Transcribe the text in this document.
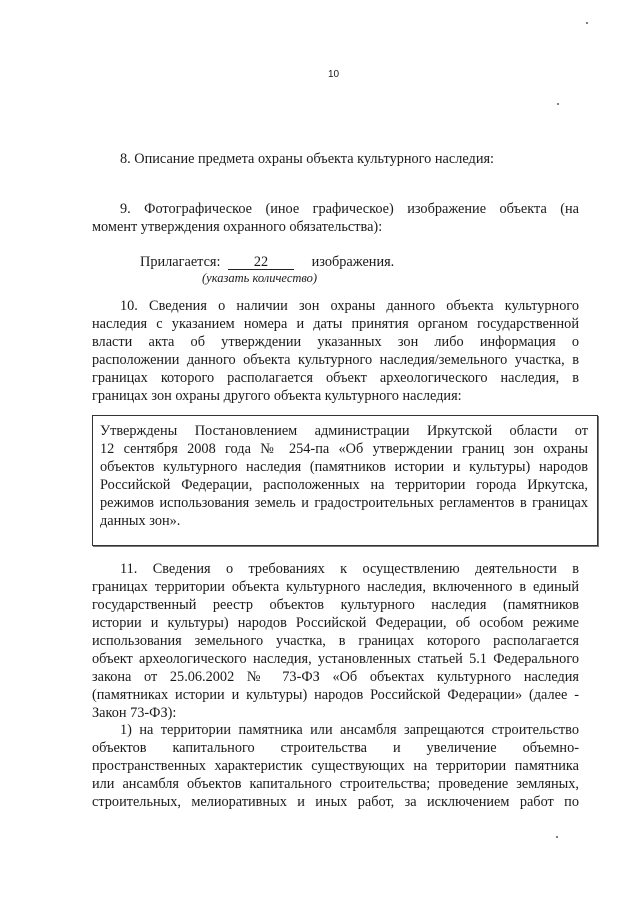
10
8. Описание предмета охраны объекта культурного наследия:
9. Фотографическое (иное графическое) изображение объекта (на
момент утверждения охранного обязательства):
Прилагается: 22	изображения.
(указать количество)
10. Сведения о наличии зон охраны данного объекта культурного
наследия с указанием номера и даты принятия органом государственной
власти акта об утверждении указанных зон либо информация о
расположении данного объекта культурного наследия/земельного участка, в
границах которого располагается объект археологического наследия, в
границах зон охраны другого объекта культурного наследия:
Утверждены Постановлением администрации Иркутской области от
12 сентября 2008 года № 254-па «Об утверждении границ зон охраны
объектов культурного наследия (памятников истории и культуры) народов
Российской Федерации, расположенных на территории города Иркутска,
режимов использования земель и градостроительных регламентов в границах
данных зон».
11. Сведения о требованиях к осуществлению деятельности в
границах территории объекта культурного наследия, включенного в единый
государственный реестр объектов культурного наследия (памятников
истории и культуры) народов Российской Федерации, об особом режиме
использования земельного участка, в границах которого располагается
объект археологического наследия, установленных статьей 5.1 Федерального
закона от 25.06.2002 № 73-ФЗ «Об объектах культурного наследия
(памятниках истории и культуры) народов Российской Федерации» (далее -
Закон 73-ФЗ):
1) на территории памятника или ансамбля запрещаются строительство
объектов капитального строительства и увеличение объемно-
пространственных характеристик существующих на территории памятника
или ансамбля объектов капитального строительства; проведение земляных,
строительных, мелиоративных и иных работ, за исключением работ по
